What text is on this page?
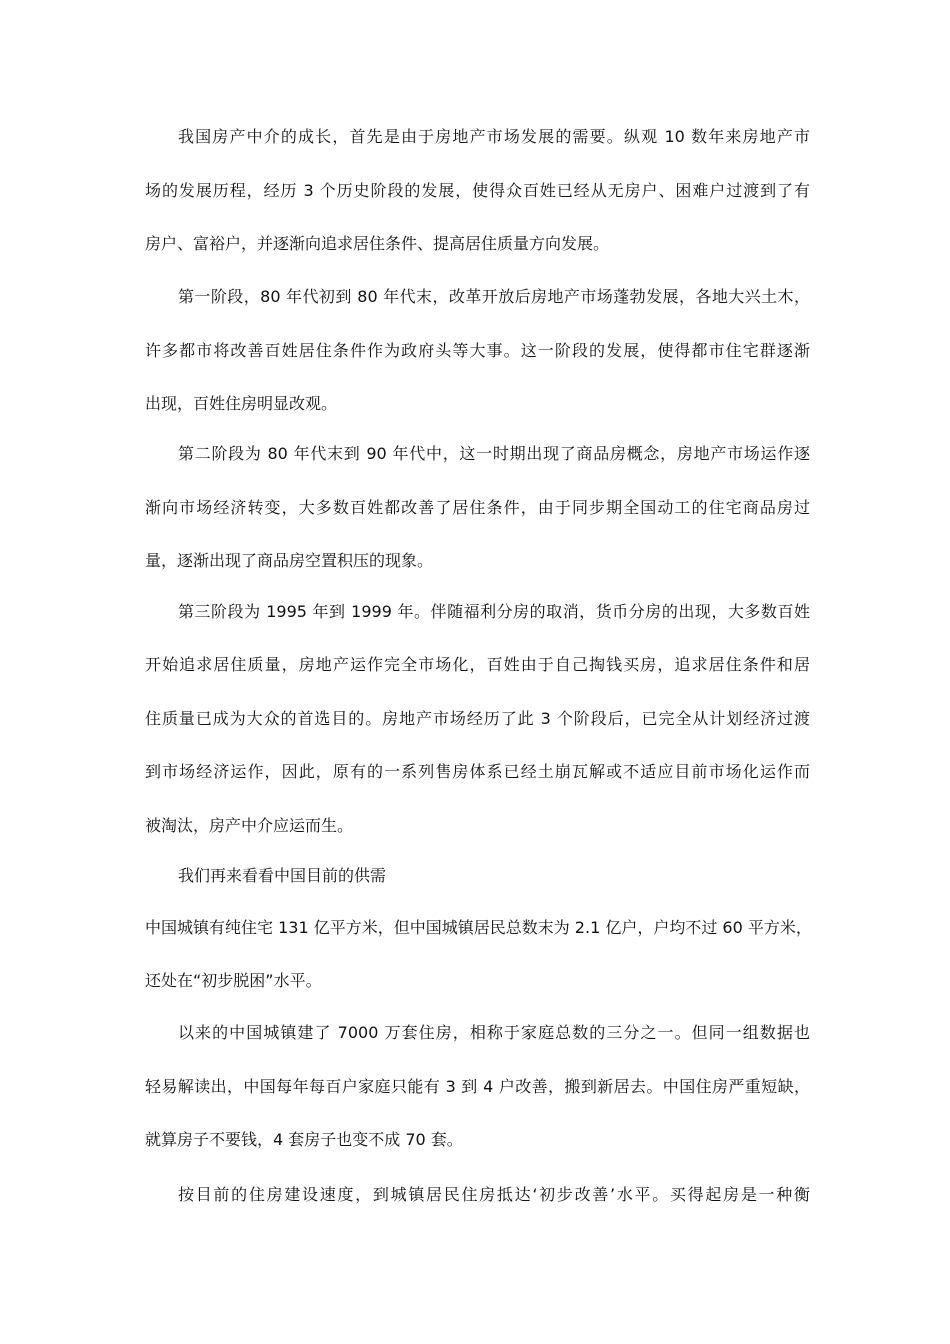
我国房产中介的成长，首先是由于房地产市场发展的需要。纵观 10 数年来房地产市
场的发展历程，经历 3 个历史阶段的发展，使得众百姓已经从无房户、困难户过渡到了有
房户、富裕户，并逐渐向追求居住条件、提高居住质量方向发展。
第一阶段，80 年代初到 80 年代末，改革开放后房地产市场蓬勃发展，各地大兴土木，
许多都市将改善百姓居住条件作为政府头等大事。这一阶段的发展，使得都市住宅群逐渐
出现，百姓住房明显改观。
第二阶段为 80 年代末到 90 年代中，这一时期出现了商品房概念，房地产市场运作逐
渐向市场经济转变，大多数百姓都改善了居住条件，由于同步期全国动工的住宅商品房过
量，逐渐出现了商品房空置积压的现象。
第三阶段为 1995 年到 1999 年。伴随福利分房的取消，货币分房的出现，大多数百姓
开始追求居住质量，房地产运作完全市场化，百姓由于自己掏钱买房，追求居住条件和居
住质量已成为大众的首选目的。房地产市场经历了此 3 个阶段后，已完全从计划经济过渡
到市场经济运作，因此，原有的一系列售房体系已经土崩瓦解或不适应目前市场化运作而
被淘汰，房产中介应运而生。
我们再来看看中国目前的供需
中国城镇有纯住宅 131 亿平方米，但中国城镇居民总数末为 2.1 亿户，户均不过 60 平方米，
还处在“初步脱困”水平。
以来的中国城镇建了 7000 万套住房，相称于家庭总数的三分之一。但同一组数据也
轻易解读出，中国每年每百户家庭只能有 3 到 4 户改善，搬到新居去。中国住房严重短缺，
就算房子不要钱，4 套房子也变不成 70 套。
按目前的住房建设速度，到城镇居民住房抵达‘初步改善’水平。买得起房是一种衡
